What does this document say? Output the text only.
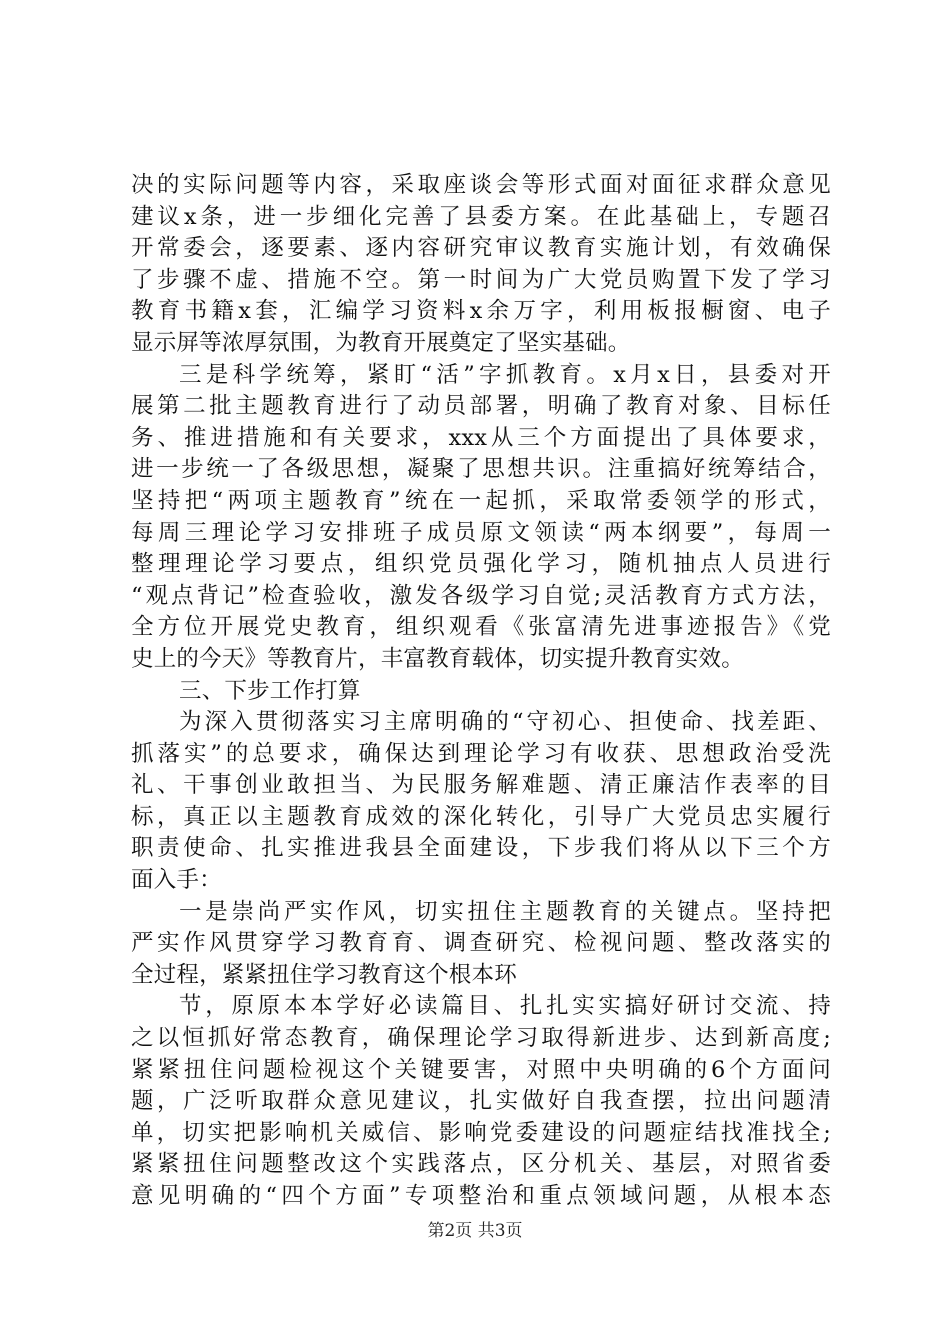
决的实际问题等内容，采取座谈会等形式面对面征求群众意见
建议x条，进一步细化完善了县委方案。在此基础上，专题召
开常委会，逐要素、逐内容研究审议教育实施计划，有效确保
了步骤不虚、措施不空。第一时间为广大党员购置下发了学习
教育书籍x套，汇编学习资料x余万字，利用板报橱窗、电子
显示屏等浓厚氛围，为教育开展奠定了坚实基础。
三是科学统筹，紧盯“活”字抓教育。x月x日，县委对开
展第二批主题教育进行了动员部署，明确了教育对象、目标任
务、推进措施和有关要求，xxx从三个方面提出了具体要求，
进一步统一了各级思想，凝聚了思想共识。注重搞好统筹结合，
坚持把“两项主题教育”统在一起抓，采取常委领学的形式，
每周三理论学习安排班子成员原文领读“两本纲要”，每周一
整理理论学习要点，组织党员强化学习，随机抽点人员进行
“观点背记”检查验收，激发各级学习自觉;灵活教育方式方法，
全方位开展党史教育，组织观看《张富清先进事迹报告》《党
史上的今天》等教育片，丰富教育载体，切实提升教育实效。
三、下步工作打算
为深入贯彻落实习主席明确的“守初心、担使命、找差距、
抓落实”的总要求，确保达到理论学习有收获、思想政治受洗
礼、干事创业敢担当、为民服务解难题、清正廉洁作表率的目
标，真正以主题教育成效的深化转化，引导广大党员忠实履行
职责使命、扎实推进我县全面建设，下步我们将从以下三个方
面入手：
一是崇尚严实作风，切实扭住主题教育的关键点。坚持把
严实作风贯穿学习教育育、调查研究、检视问题、整改落实的
全过程，紧紧扭住学习教育这个根本环
节，原原本本学好必读篇目、扎扎实实搞好研讨交流、持
之以恒抓好常态教育，确保理论学习取得新进步、达到新高度;
紧紧扭住问题检视这个关键要害，对照中央明确的6个方面问
题，广泛听取群众意见建议，扎实做好自我查摆，拉出问题清
单，切实把影响机关威信、影响党委建设的问题症结找准找全;
紧紧扭住问题整改这个实践落点，区分机关、基层，对照省委
意见明确的“四个方面”专项整治和重点领域问题，从根本态
第2页 共3页
